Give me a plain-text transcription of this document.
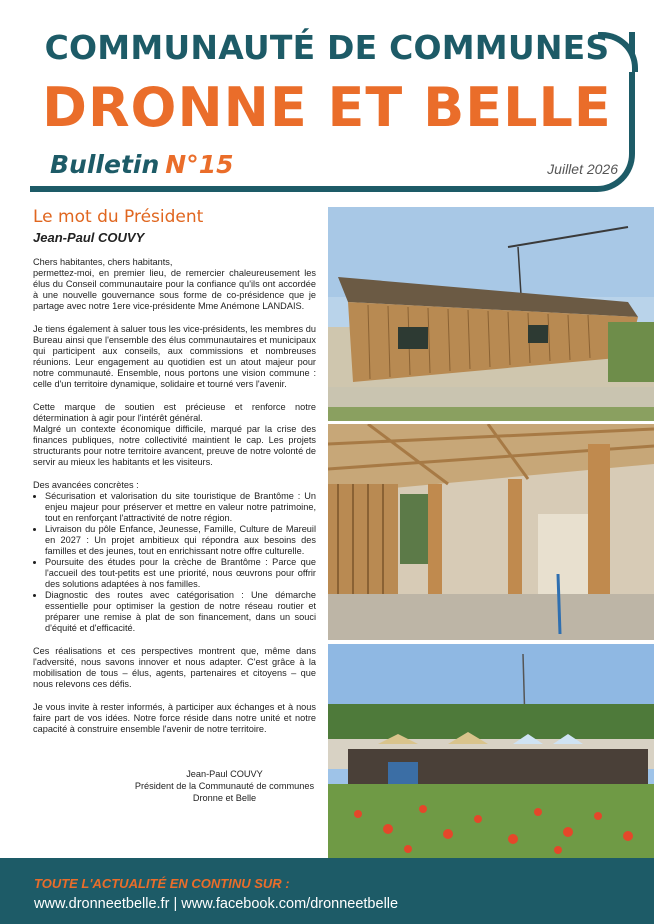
COMMUNAUTÉ DE COMMUNES
DRONNE ET BELLE
Bulletin N°15	Juillet 2026
Le mot du Président
Jean-Paul COUVY

Chers habitantes, chers habitants,
permettez-moi, en premier lieu, de remercier chaleureusement les élus du Conseil communautaire pour la confiance qu'ils ont accordée à une nouvelle gouvernance sous forme de co-présidence que je partage avec notre 1ere vice-présidente Mme Anémone LANDAIS.

Je tiens également à saluer tous les vice-présidents, les membres du Bureau ainsi que l'ensemble des élus communautaires et municipaux qui participent aux conseils, aux commissions et nombreuses réunions. Leur engagement au quotidien est un atout majeur pour notre communauté. Ensemble, nous portons une vision commune : celle d'un territoire dynamique, solidaire et tourné vers l'avenir.

Cette marque de soutien est précieuse et renforce notre détermination à agir pour l'intérêt général.
Malgré un contexte économique difficile, marqué par la crise des finances publiques, notre collectivité maintient le cap. Les projets structurants pour notre territoire avancent, preuve de notre volonté de servir au mieux les habitants et les visiteurs.

Des avancées concrètes :
• Sécurisation et valorisation du site touristique de Brantôme : Un enjeu majeur pour préserver et mettre en valeur notre patrimoine, tout en renforçant l'attractivité de notre région.
• Livraison du pôle Enfance, Jeunesse, Famille, Culture de Mareuil en 2027 : Un projet ambitieux qui répondra aux besoins des familles et des jeunes, tout en enrichissant notre offre culturelle.
• Poursuite des études pour la crèche de Brantôme : Parce que l'accueil des tout-petits est une priorité, nous œuvrons pour offrir des solutions adaptées à nos familles.
• Diagnostic des routes avec catégorisation : Une démarche essentielle pour optimiser la gestion de notre réseau routier et préparer une remise à plat de son financement, dans un souci d'équité et d'efficacité.

Ces réalisations et ces perspectives montrent que, même dans l'adversité, nous savons innover et nous adapter. C'est grâce à la mobilisation de tous – élus, agents, partenaires et citoyens – que nous relevons ces défis.

Je vous invite à rester informés, à participer aux échanges et à nous faire part de vos idées. Notre force réside dans notre unité et notre capacité à construire ensemble l'avenir de notre territoire.

Jean-Paul COUVY
Président de la Communauté de communes
Dronne et Belle
TOUTE L'ACTUALITÉ EN CONTINU SUR :
www.dronneetbelle.fr | www.facebook.com/dronneetbelle
